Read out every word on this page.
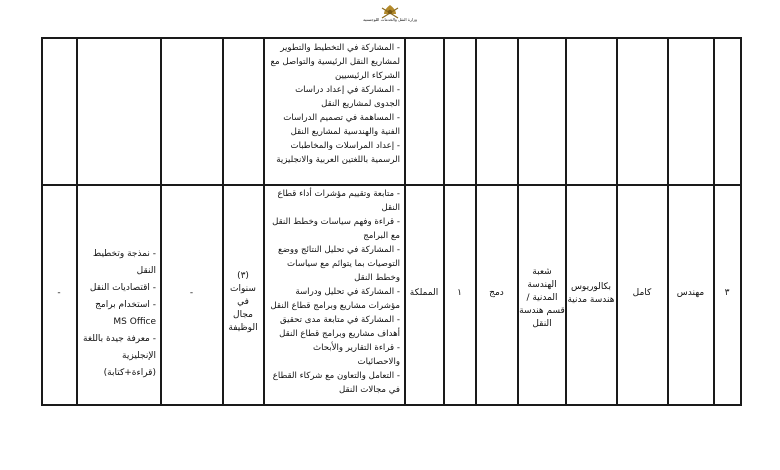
وزارة النقل والخدمات اللوجستية
- المشاركة في التخطيط والتطوير لمشاريع النقل الرئيسية والتواصل مع الشركاء الرئيسيين
- المشاركة في إعداد دراسات الجدوى لمشاريع النقل
- المساهمة في تصميم الدراسات الفنية والهندسية لمشاريع النقل
- إعداد المراسلات والمخاطبات الرسمية باللغتين العربية والانجليزية
٣
مهندس
كامل
بكالوريوس هندسة مدنية
شعبة الهندسة المدنية / قسم هندسة النقل
دمج
١
المملكة
- متابعة وتقييم مؤشرات أداء قطاع النقل
- قراءة وفهم سياسات وخطط النقل مع البرامج
- المشاركة في تحليل النتائج ووضع التوصيات بما يتوائم مع سياسات وخطط النقل
- المشاركة في تحليل ودراسة مؤشرات مشاريع وبرامج قطاع النقل
- المشاركة في متابعة مدى تحقيق أهداف مشاريع وبرامج قطاع النقل
- قراءة التقارير والأبحاث والاحصائيات
- التعامل والتعاون مع شركاء القطاع في مجالات النقل
(٣) سنوات في مجال الوظيفة
-
- نمذجة وتخطيط النقل
- اقتصاديات النقل
- استخدام برامج MS Office
- معرفة جيدة باللغة الإنجليزية (قراءة+كتابة)
-
